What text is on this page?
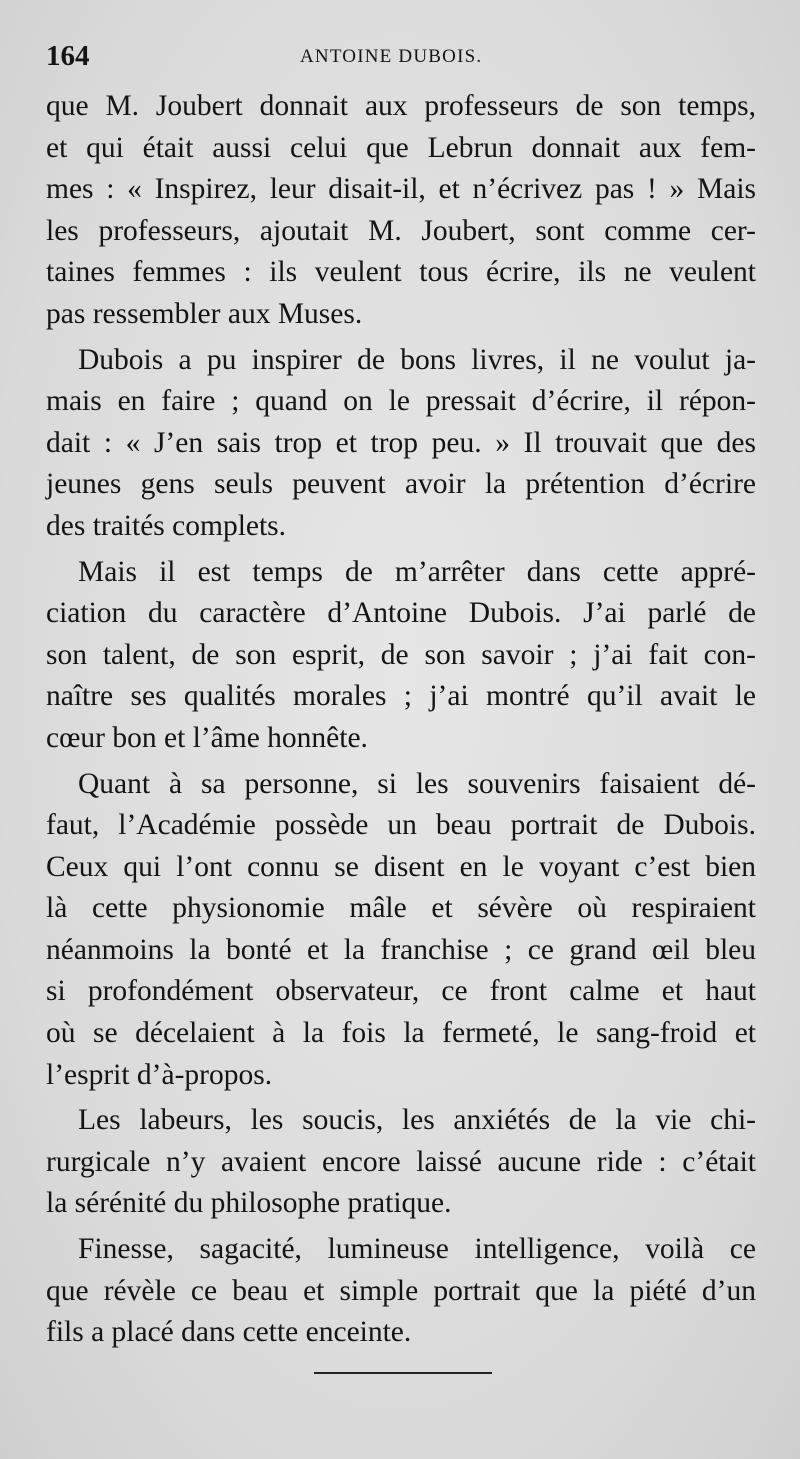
164	ANTOINE DUBOIS.
que M. Joubert donnait aux professeurs de son temps,
et qui était aussi celui que Lebrun donnait aux fem-
mes : « Inspirez, leur disait-il, et n’écrivez pas ! » Mais
les professeurs, ajoutait M. Joubert, sont comme cer-
taines femmes : ils veulent tous écrire, ils ne veulent
pas ressembler aux Muses.
Dubois a pu inspirer de bons livres, il ne voulut ja-
mais en faire ; quand on le pressait d’écrire, il répon-
dait : « J’en sais trop et trop peu. » Il trouvait que des
jeunes gens seuls peuvent avoir la prétention d’écrire
des traités complets.
Mais il est temps de m’arrêter dans cette appré-
ciation du caractère d’Antoine Dubois. J’ai parlé de
son talent, de son esprit, de son savoir ; j’ai fait con-
naître ses qualités morales ; j’ai montré qu’il avait le
cœur bon et l’âme honnête.
Quant à sa personne, si les souvenirs faisaient dé-
faut, l’Académie possède un beau portrait de Dubois.
Ceux qui l’ont connu se disent en le voyant c’est bien
là cette physionomie mâle et sévère où respiraient
néanmoins la bonté et la franchise ; ce grand œil bleu
si profondément observateur, ce front calme et haut
où se décelaient à la fois la fermeté, le sang-froid et
l’esprit d’à-propos.
Les labeurs, les soucis, les anxiétés de la vie chi-
rurgicale n’y avaient encore laissé aucune ride : c’était
la sérénité du philosophe pratique.
Finesse, sagacité, lumineuse intelligence, voilà ce
que révèle ce beau et simple portrait que la piété d’un
fils a placé dans cette enceinte.
